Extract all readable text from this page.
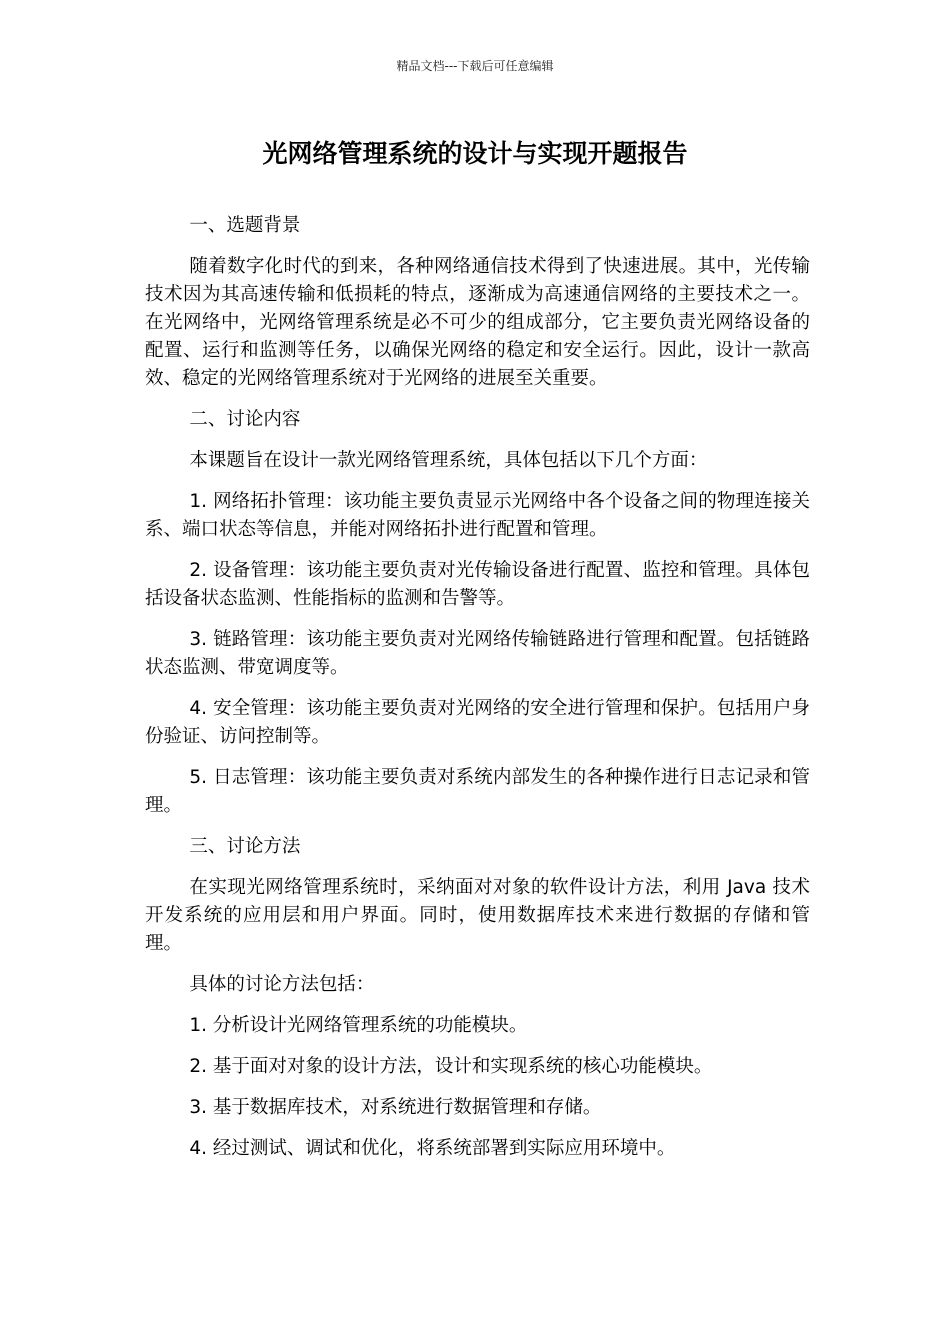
精品文档---下载后可任意编辑
光网络管理系统的设计与实现开题报告

一、选题背景

随着数字化时代的到来，各种网络通信技术得到了快速进展。其中，光传输技术因为其高速传输和低损耗的特点，逐渐成为高速通信网络的主要技术之一。在光网络中，光网络管理系统是必不可少的组成部分，它主要负责光网络设备的配置、运行和监测等任务，以确保光网络的稳定和安全运行。因此，设计一款高效、稳定的光网络管理系统对于光网络的进展至关重要。

二、讨论内容

本课题旨在设计一款光网络管理系统，具体包括以下几个方面：

1. 网络拓扑管理：该功能主要负责显示光网络中各个设备之间的物理连接关系、端口状态等信息，并能对网络拓扑进行配置和管理。

2. 设备管理：该功能主要负责对光传输设备进行配置、监控和管理。具体包括设备状态监测、性能指标的监测和告警等。

3. 链路管理：该功能主要负责对光网络传输链路进行管理和配置。包括链路状态监测、带宽调度等。

4. 安全管理：该功能主要负责对光网络的安全进行管理和保护。包括用户身份验证、访问控制等。

5. 日志管理：该功能主要负责对系统内部发生的各种操作进行日志记录和管理。

三、讨论方法

在实现光网络管理系统时，采纳面对对象的软件设计方法，利用 Java 技术开发系统的应用层和用户界面。同时，使用数据库技术来进行数据的存储和管理。

具体的讨论方法包括：

1. 分析设计光网络管理系统的功能模块。

2. 基于面对对象的设计方法，设计和实现系统的核心功能模块。

3. 基于数据库技术，对系统进行数据管理和存储。

4. 经过测试、调试和优化，将系统部署到实际应用环境中。
